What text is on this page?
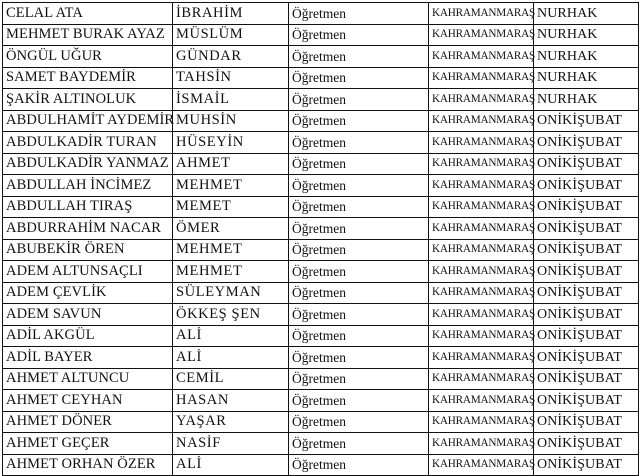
CELAL ATA	İBRAHİM	Öğretmen	KAHRAMANMARAŞ	NURHAK
MEHMET BURAK AYAZ	MÜSLÜM	Öğretmen	KAHRAMANMARAŞ	NURHAK
ÖNGÜL UĞUR	GÜNDAR	Öğretmen	KAHRAMANMARAŞ	NURHAK
SAMET BAYDEMİR	TAHSİN	Öğretmen	KAHRAMANMARAŞ	NURHAK
ŞAKİR ALTINOLUK	İSMAİL	Öğretmen	KAHRAMANMARAŞ	NURHAK
ABDULHAMİT AYDEMİR	MUHSİN	Öğretmen	KAHRAMANMARAŞ	ONİKİŞUBAT
ABDULKADİR TURAN	HÜSEYİN	Öğretmen	KAHRAMANMARAŞ	ONİKİŞUBAT
ABDULKADİR YANMAZ	AHMET	Öğretmen	KAHRAMANMARAŞ	ONİKİŞUBAT
ABDULLAH İNCİMEZ	MEHMET	Öğretmen	KAHRAMANMARAŞ	ONİKİŞUBAT
ABDULLAH TIRAŞ	MEMET	Öğretmen	KAHRAMANMARAŞ	ONİKİŞUBAT
ABDURRAHİM NACAR	ÖMER	Öğretmen	KAHRAMANMARAŞ	ONİKİŞUBAT
ABUBEKİR ÖREN	MEHMET	Öğretmen	KAHRAMANMARAŞ	ONİKİŞUBAT
ADEM ALTUNSAÇLI	MEHMET	Öğretmen	KAHRAMANMARAŞ	ONİKİŞUBAT
ADEM ÇEVLİK	SÜLEYMAN	Öğretmen	KAHRAMANMARAŞ	ONİKİŞUBAT
ADEM SAVUN	ÖKKEŞ ŞEN	Öğretmen	KAHRAMANMARAŞ	ONİKİŞUBAT
ADİL AKGÜL	ALİ	Öğretmen	KAHRAMANMARAŞ	ONİKİŞUBAT
ADİL BAYER	ALİ	Öğretmen	KAHRAMANMARAŞ	ONİKİŞUBAT
AHMET ALTUNCU	CEMİL	Öğretmen	KAHRAMANMARAŞ	ONİKİŞUBAT
AHMET CEYHAN	HASAN	Öğretmen	KAHRAMANMARAŞ	ONİKİŞUBAT
AHMET DÖNER	YAŞAR	Öğretmen	KAHRAMANMARAŞ	ONİKİŞUBAT
AHMET GEÇER	NASİF	Öğretmen	KAHRAMANMARAŞ	ONİKİŞUBAT
AHMET ORHAN ÖZER	ALİ	Öğretmen	KAHRAMANMARAŞ	ONİKİŞUBAT
